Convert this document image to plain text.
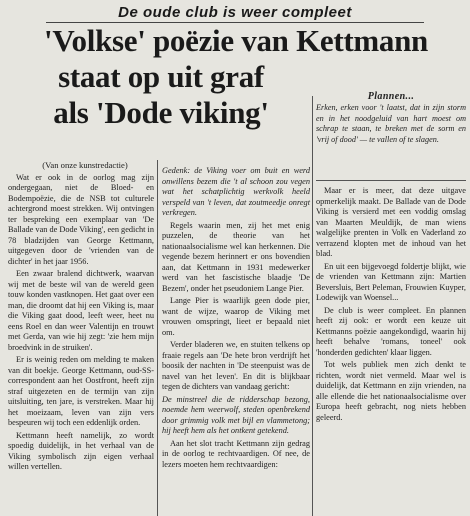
De oude club is weer compleet
'Volkse' poëzie van Kettmann
staat op uit graf
als 'Dode viking'	Plannen...

Erken, erken voor 't laatst, dat in zijn storm en in het noodgeluid van hart moest om schrap te staan, te breken met de sorm en 'vrij of dood' — te vallen of te slagen.

(Van onze kunstredactie)

Wat er ook in de oorlog mag zijn ondergegaan, niet de Bloed- en Bodempoëzie, die de NSB tot culturele achtergrond moest strekken. Wij ontvingen ter bespreking een exemplaar van 'De Ballade van de Dode Viking', een gedicht in 78 bladzijden van George Kettmann, uitgegeven door de 'vrienden van de dichter' in het jaar 1956.

Een zwaar bralend dichtwerk, waarvan wij met de beste wil van de wereld geen touw konden vastknopen. Het gaat over een man, die droomt dat hij een Viking is, maar die Viking gaat dood, leeft weer, heet nu eens Roel en dan weer Valentijn en trouwt met Gerda, van wie hij zegt: 'zie hem mijn broedvink in de struiken'.

Er is weinig reden om melding te maken van dit boekje. George Kettmann, oud-SS-correspondent aan het Oostfront, heeft zijn straf uitgezeten en de termijn van zijn uitsluiting, ten jare, is verstreken. Maar hij het moeizaam, leven van zijn vers bespeuren wij toch een eddenlijk orden.

Kettmann heeft namelijk, zo wordt spoedig duidelijk, in het verhaal van de Viking symbolisch zijn eigen verhaal willen vertellen.

Gedenk: de Viking voer om buit en werd onwillens bezem die 't al schoon zou vegen wat het schatplichtig werkvolk heeld verspeld van 't leven, dat zoutmeedje onregt verkregen.

Regels waarin men, zij het met enig puzzelen, de theorie van het nationaalsocialisme wel kan herkennen. Die vegende bezem herinnert er ons bovendien aan, dat Kettmann in 1931 medewerker werd van het fascistische blaadje 'De Bezem', onder het pseudoniem Lange Pier.

Lange Pier is waarlijk geen dode pier, want de wijze, waarop de Viking met vrouwen omspringt, lieet er bepaald niet om.

Verder bladeren we, en stuiten telkens op fraaie regels aan 'De hete bron verdrijft het boosik der nachten in 'De steenpuist was de navel van het leven'. En dit is blijkbaar tegen de dichters van vandaag gericht:

De minstreel die de ridderschap bezong, noemde hem weerwolf, steden openbrekend door grimmig volk met bijl en vlammetong; hij heeft hem als het ontkent getekend.

Aan het slot tracht Kettmann zijn gedrag in de oorlog te rechtvaardigen. Of nee, de lezers moeten hem rechtvaardigen:

Maar er is meer, dat deze uitgave opmerkelijk maakt. De Ballade van de Dode Viking is versierd met een voddig omslag van Maarten Meuldijk, de man wiens walgelijke prenten in Volk en Vaderland zo verrazend klopten met de inhoud van het blad.

En uit een bijgevoegd foldertje blijkt, wie de vrienden van Kettmann zijn: Martien Beversluis, Bert Peleman, Frouwien Kuyper, Lodewijk van Woensel...

De club is weer compleet. En plannen heeft zij ook: er wordt een keuze uit Kettmanns poëzie aangekondigd, waarin hij heeft behalve 'romans, toneel' ook 'honderden gedichten' klaar liggen.

Tot wels publiek men zich denkt te richten, wordt niet vermeld. Maar wel is duidelijk, dat Kettmann en zijn vrienden, na alle ellende die het nationaalsocialisme over Europa heeft gebracht, nog niets hebben geleerd.
